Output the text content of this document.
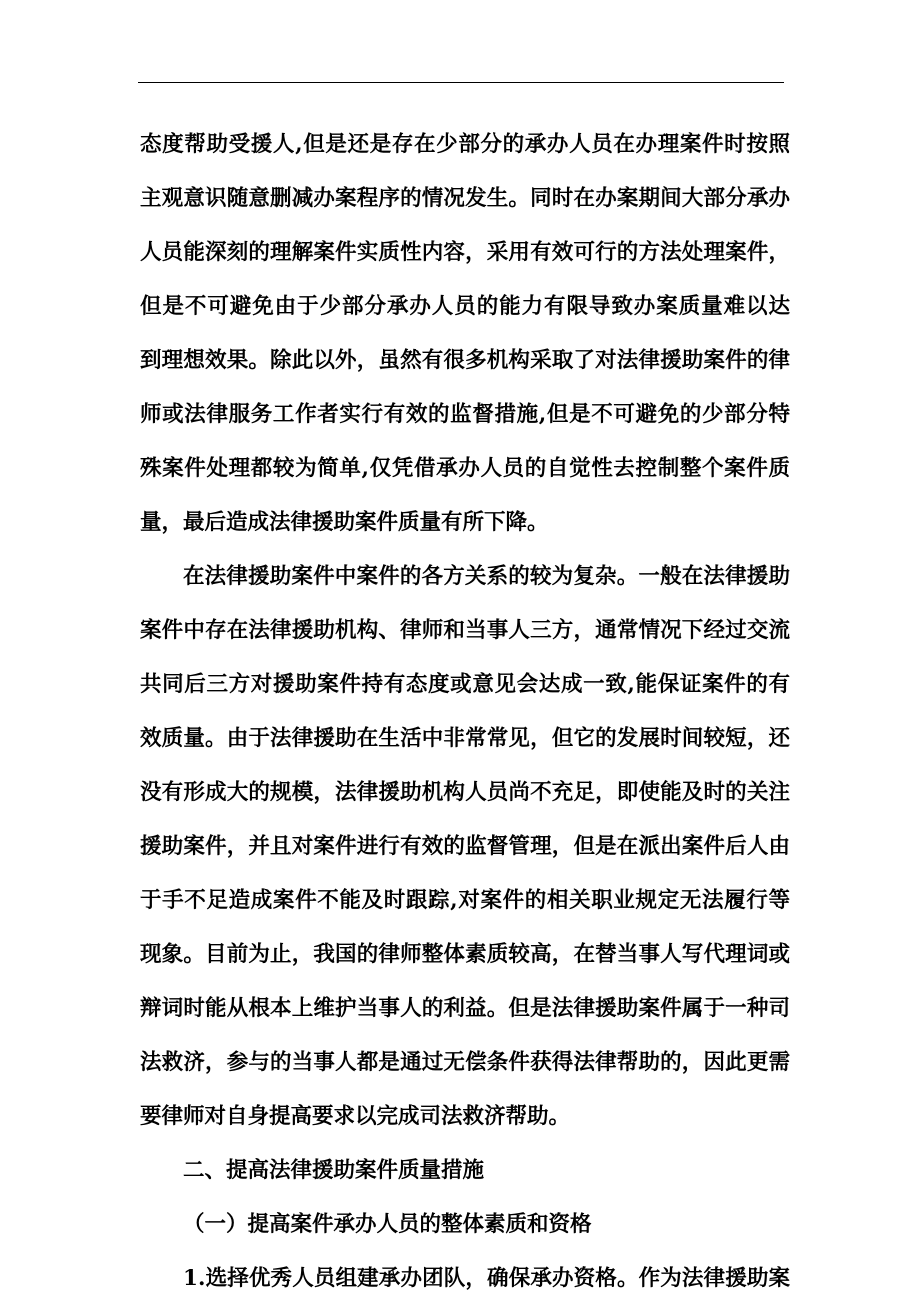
态度帮助受援人,但是还是存在少部分的承办人员在办理案件时按照
主观意识随意删减办案程序的情况发生。同时在办案期间大部分承办
人员能深刻的理解案件实质性内容，采用有效可行的方法处理案件，
但是不可避免由于少部分承办人员的能力有限导致办案质量难以达
到理想效果。除此以外，虽然有很多机构采取了对法律援助案件的律
师或法律服务工作者实行有效的监督措施,但是不可避免的少部分特
殊案件处理都较为简单,仅凭借承办人员的自觉性去控制整个案件质
量，最后造成法律援助案件质量有所下降。
在法律援助案件中案件的各方关系的较为复杂。一般在法律援助
案件中存在法律援助机构、律师和当事人三方，通常情况下经过交流
共同后三方对援助案件持有态度或意见会达成一致,能保证案件的有
效质量。由于法律援助在生活中非常常见，但它的发展时间较短，还
没有形成大的规模，法律援助机构人员尚不充足，即使能及时的关注
援助案件，并且对案件进行有效的监督管理，但是在派出案件后人由
于手不足造成案件不能及时跟踪,对案件的相关职业规定无法履行等
现象。目前为止，我国的律师整体素质较高，在替当事人写代理词或
辩词时能从根本上维护当事人的利益。但是法律援助案件属于一种司
法救济，参与的当事人都是通过无偿条件获得法律帮助的，因此更需
要律师对自身提高要求以完成司法救济帮助。
二、提高法律援助案件质量措施
（一）提高案件承办人员的整体素质和资格
1.选择优秀人员组建承办团队，确保承办资格。作为法律援助案
